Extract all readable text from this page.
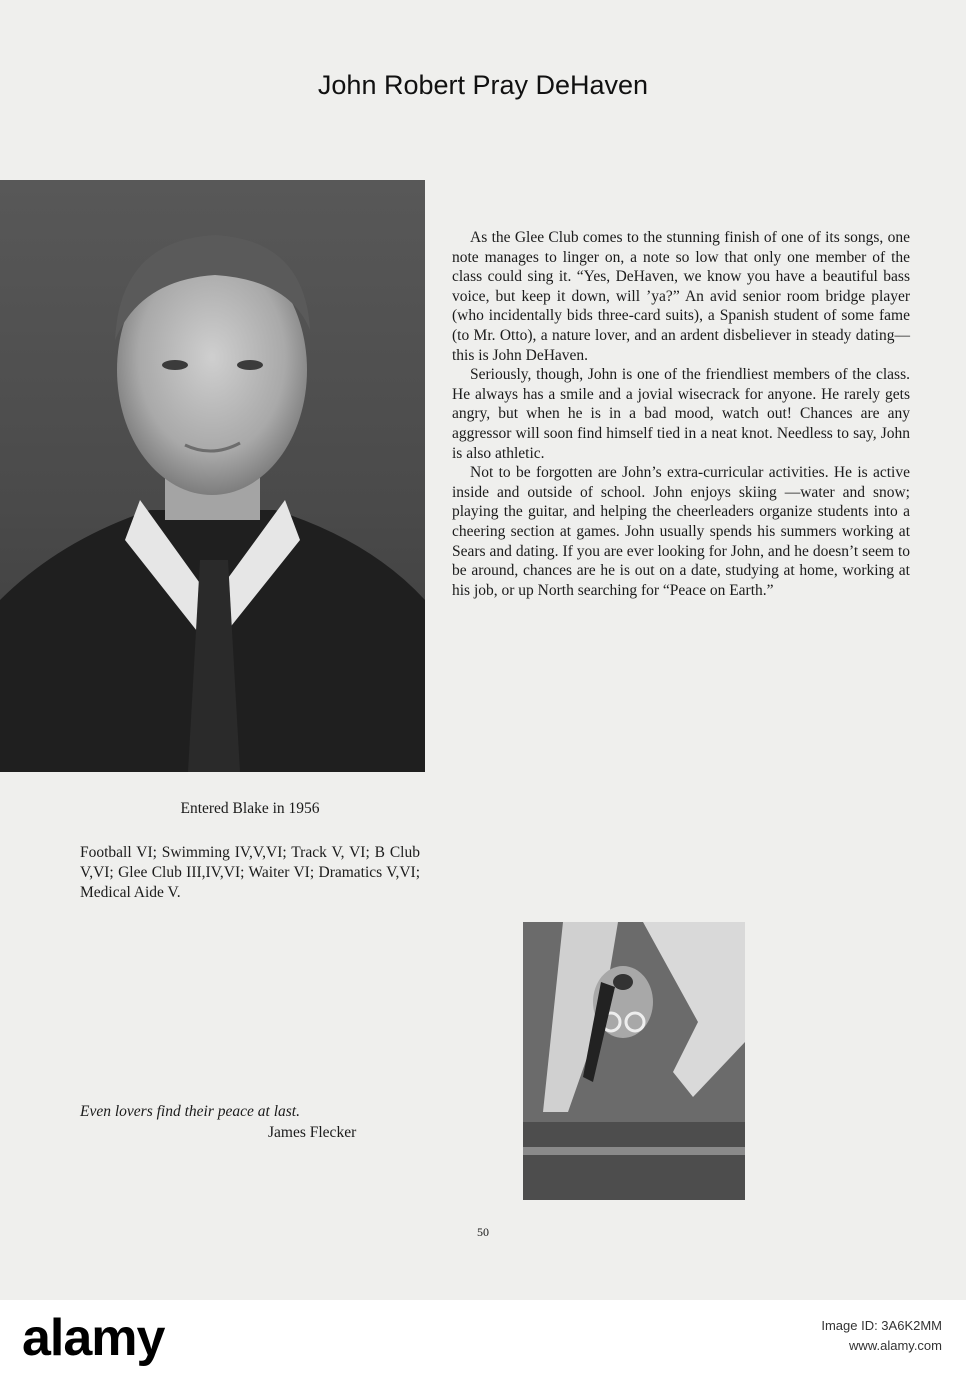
John Robert Pray DeHaven
Entered Blake in 1956
Football VI; Swimming IV,V,VI; Track V, VI; B Club V,VI; Glee Club III,IV,VI; Waiter VI; Dramatics V,VI; Medical Aide V.
Even lovers find their peace at last.
James Flecker

As the Glee Club comes to the stunning finish of one of its songs, one note manages to linger on, a note so low that only one member of the class could sing it. “Yes, DeHaven, we know you have a beautiful bass voice, but keep it down, will ’ya?” An avid senior room bridge player (who incidentally bids three-card suits), a Spanish student of some fame (to Mr. Otto), a nature lover, and an ardent disbeliever in steady dating—this is John DeHaven.

Seriously, though, John is one of the friendliest members of the class. He always has a smile and a jovial wisecrack for anyone. He rarely gets angry, but when he is in a bad mood, watch out! Chances are any aggressor will soon find himself tied in a neat knot. Needless to say, John is also athletic.

Not to be forgotten are John’s extra-curricular activities. He is active inside and outside of school. John enjoys skiing —water and snow; playing the guitar, and helping the cheerleaders organize students into a cheering section at games. John usually spends his summers working at Sears and dating. If you are ever looking for John, and he doesn’t seem to be around, chances are he is out on a date, studying at home, working at his job, or up North searching for “Peace on Earth.”

50
alamy	Image ID: 3A6K2MM
www.alamy.com
